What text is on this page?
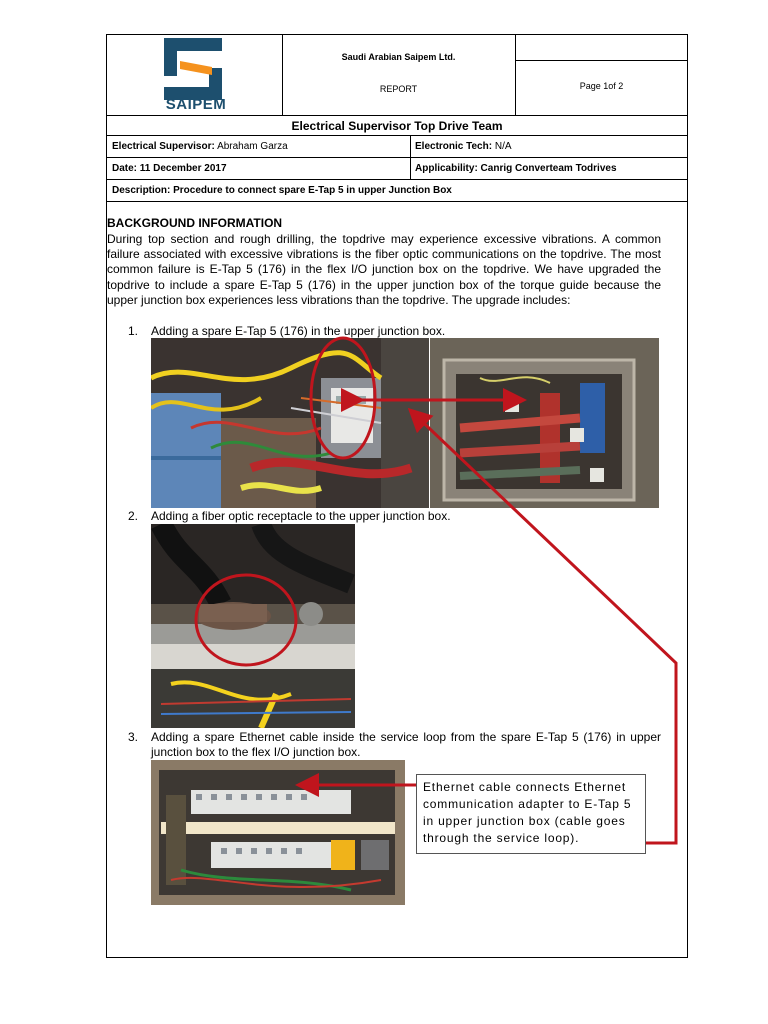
SAIPEM
Saudi Arabian Saipem Ltd.
REPORT	Page 1of 2
Electrical Supervisor Top Drive Team
Electrical Supervisor: Abraham Garza	Electronic Tech: N/A
Date: 11 December 2017	Applicability: Canrig Converteam Todrives
Description: Procedure to connect spare E-Tap 5 in upper Junction Box
BACKGROUND INFORMATION

During top section and rough drilling, the topdrive may experience excessive vibrations. A common failure associated with excessive vibrations is the fiber optic communications on the topdrive. The most common failure is E-Tap 5 (176) in the flex I/O junction box on the topdrive. We have upgraded the topdrive to include a spare E-Tap 5 (176) in the upper junction box of the torque guide because the upper junction box experiences less vibrations than the topdrive. The upgrade includes:

1. Adding a spare E-Tap 5 (176) in the upper junction box.
2. Adding a fiber optic receptacle to the upper junction box.
3. Adding a spare Ethernet cable inside the service loop from the spare E-Tap 5 (176) in upper junction box to the flex I/O junction box.
Ethernet cable connects Ethernet communication adapter to E-Tap 5 in upper junction box (cable goes through the service loop).
